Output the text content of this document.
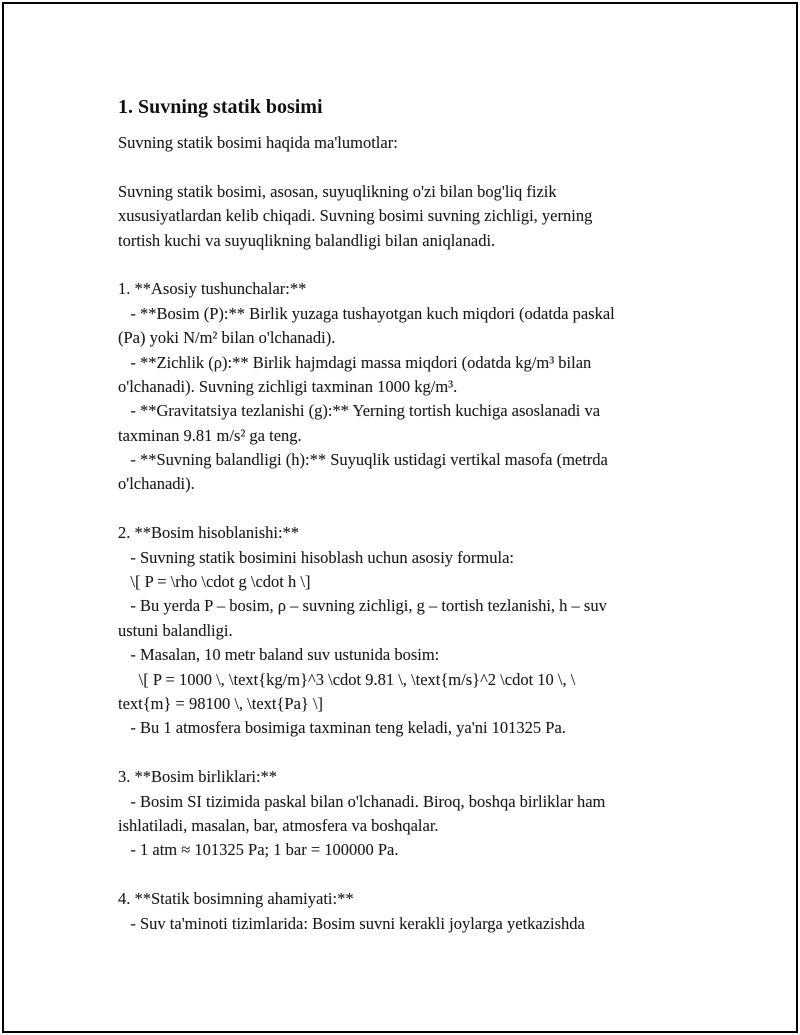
1. Suvning statik bosimi
Suvning statik bosimi haqida ma'lumotlar:

Suvning statik bosimi, asosan, suyuqlikning o'zi bilan bog'liq fizik
xususiyatlardan kelib chiqadi. Suvning bosimi suvning zichligi, yerning
tortish kuchi va suyuqlikning balandligi bilan aniqlanadi.

1. **Asosiy tushunchalar:**
- **Bosim (P):** Birlik yuzaga tushayotgan kuch miqdori (odatda paskal
(Pa) yoki N/m² bilan o'lchanadi).
- **Zichlik (ρ):** Birlik hajmdagi massa miqdori (odatda kg/m³ bilan
o'lchanadi). Suvning zichligi taxminan 1000 kg/m³.
- **Gravitatsiya tezlanishi (g):** Yerning tortish kuchiga asoslanadi va
taxminan 9.81 m/s² ga teng.
- **Suvning balandligi (h):** Suyuqlik ustidagi vertikal masofa (metrda
o'lchanadi).

2. **Bosim hisoblanishi:**
- Suvning statik bosimini hisoblash uchun asosiy formula:
\[ P = \rho \cdot g \cdot h \]
- Bu yerda P – bosim, ρ – suvning zichligi, g – tortish tezlanishi, h – suv
ustuni balandligi.
- Masalan, 10 metr baland suv ustunida bosim:
\[ P = 1000 \, \text{kg/m}^3 \cdot 9.81 \, \text{m/s}^2 \cdot 10 \, \
text{m} = 98100 \, \text{Pa} \]
- Bu 1 atmosfera bosimiga taxminan teng keladi, ya'ni 101325 Pa.

3. **Bosim birliklari:**
- Bosim SI tizimida paskal bilan o'lchanadi. Biroq, boshqa birliklar ham
ishlatiladi, masalan, bar, atmosfera va boshqalar.
- 1 atm ≈ 101325 Pa; 1 bar = 100000 Pa.

4. **Statik bosimning ahamiyati:**
- Suv ta'minoti tizimlarida: Bosim suvni kerakli joylarga yetkazishda
